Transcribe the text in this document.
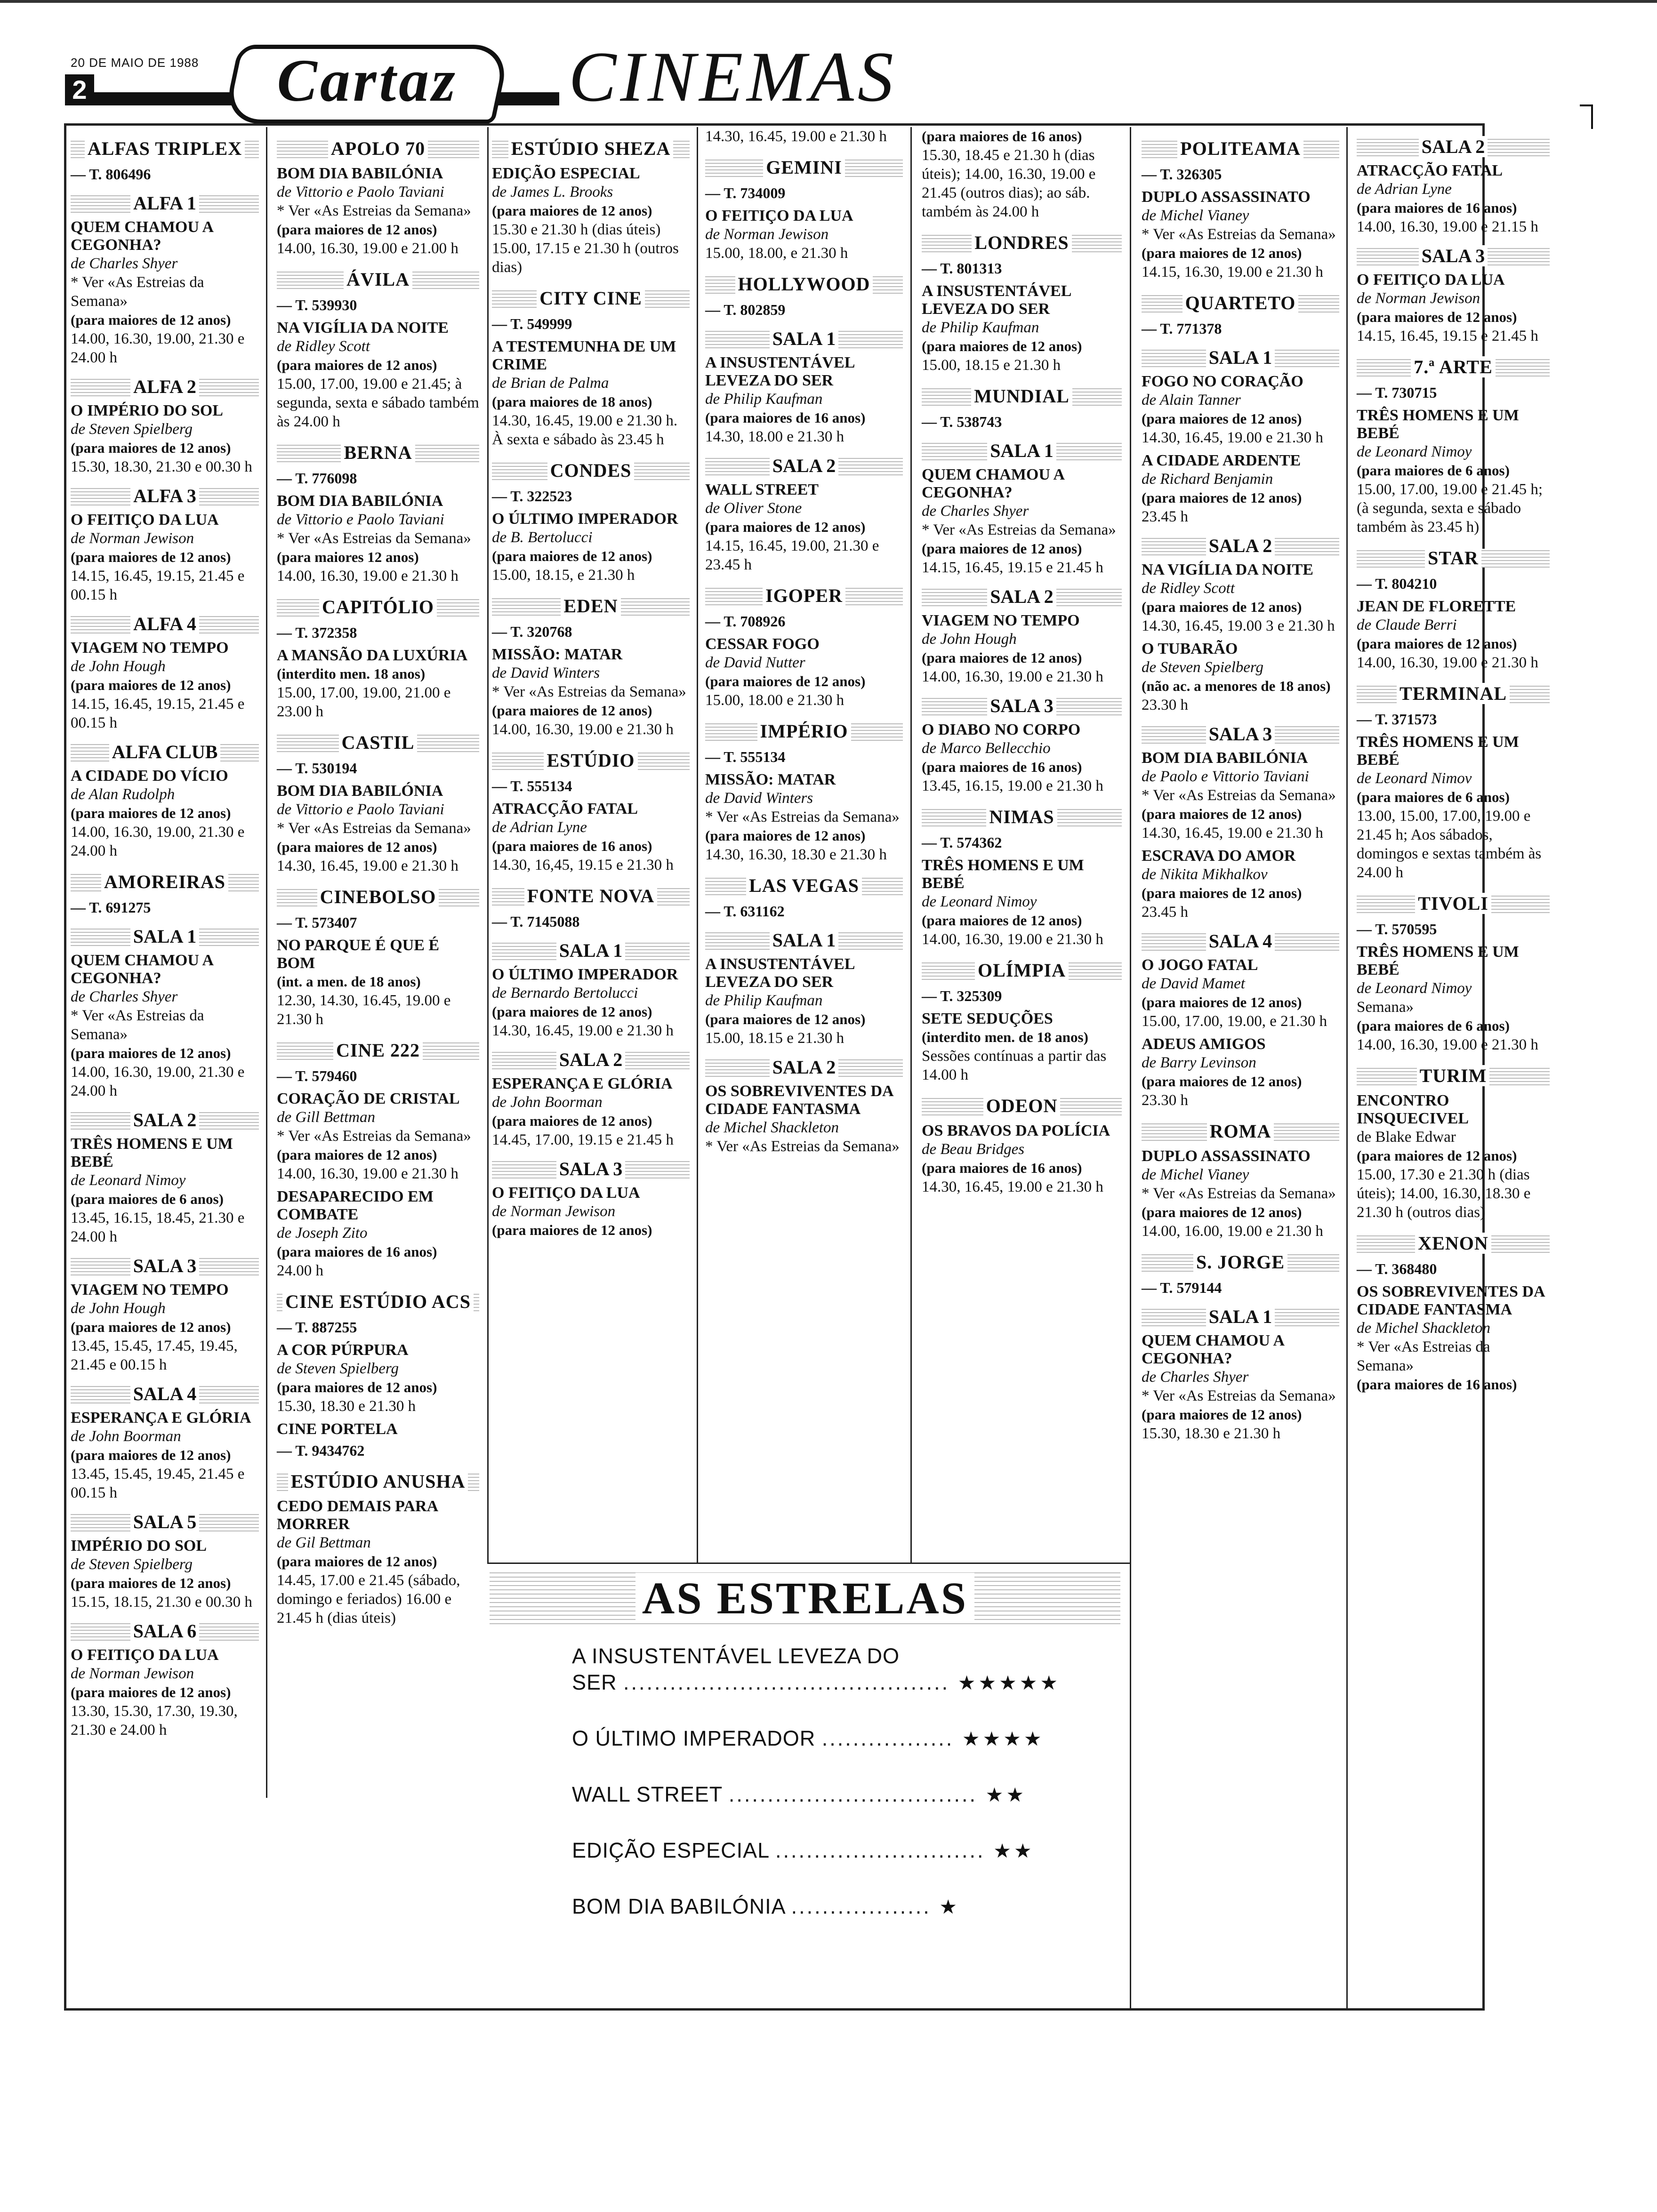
20 DE MAIO DE 1988
2	Cartaz	CINEMAS
ALFAS TRIPLEX
— T. 806496
ALFA 1
QUEM CHAMOU A CEGONHA?
de Charles Shyer
* Ver «As Estreias da Semana»
(para maiores de 12 anos)
14.00, 16.30, 19.00, 21.30 e 24.00 h
ALFA 2
O IMPÉRIO DO SOL
de Steven Spielberg
(para maiores de 12 anos)
15.30, 18.30, 21.30 e 00.30 h
ALFA 3
O FEITIÇO DA LUA
de Norman Jewison
(para maiores de 12 anos)
14.15, 16.45, 19.15, 21.45 e 00.15 h
ALFA 4
VIAGEM NO TEMPO
de John Hough
(para maiores de 12 anos)
14.15, 16.45, 19.15, 21.45 e 00.15 h
ALFA CLUB
A CIDADE DO VÍCIO
de Alan Rudolph
(para maiores de 12 anos)
14.00, 16.30, 19.00, 21.30 e 24.00 h
AMOREIRAS
— T. 691275
SALA 1
QUEM CHAMOU A CEGONHA?
de Charles Shyer
* Ver «As Estreias da Semana»
(para maiores de 12 anos)
14.00, 16.30, 19.00, 21.30 e 24.00 h
SALA 2
TRÊS HOMENS E UM BEBÉ
de Leonard Nimoy
(para maiores de 6 anos)
13.45, 16.15, 18.45, 21.30 e 24.00 h
SALA 3
VIAGEM NO TEMPO
de John Hough
(para maiores de 12 anos)
13.45, 15.45, 17.45, 19.45, 21.45 e 00.15 h
SALA 4
ESPERANÇA E GLÓRIA
de John Boorman
(para maiores de 12 anos)
13.45, 15.45, 19.45, 21.45 e 00.15 h
SALA 5
IMPÉRIO DO SOL
de Steven Spielberg
(para maiores de 12 anos)
15.15, 18.15, 21.30 e 00.30 h
SALA 6
O FEITIÇO DA LUA
de Norman Jewison
(para maiores de 12 anos)
13.30, 15.30, 17.30, 19.30, 21.30 e 24.00 h
APOLO 70
BOM DIA BABILÓNIA
de Vittorio e Paolo Taviani
* Ver «As Estreias da Semana»
(para maiores de 12 anos)
14.00, 16.30, 19.00 e 21.00 h
ÁVILA
— T. 539930
NA VIGÍLIA DA NOITE
de Ridley Scott
(para maiores de 12 anos)
15.00, 17.00, 19.00 e 21.45; à segunda, sexta e sábado também às 24.00 h
BERNA
— T. 776098
BOM DIA BABILÓNIA
de Vittorio e Paolo Taviani
* Ver «As Estreias da Semana»
(para maiores 12 anos)
14.00, 16.30, 19.00 e 21.30 h
CAPITÓLIO
— T. 372358
A MANSÃO DA LUXÚRIA
(interdito men. 18 anos)
15.00, 17.00, 19.00, 21.00 e 23.00 h
CASTIL
— T. 530194
BOM DIA BABILÓNIA
de Vittorio e Paolo Taviani
* Ver «As Estreias da Semana»
(para maiores de 12 anos)
14.30, 16.45, 19.00 e 21.30 h
CINEBOLSO
— T. 573407
NO PARQUE É QUE É BOM
(int. a men. de 18 anos)
12.30, 14.30, 16.45, 19.00 e 21.30 h
CINE 222
— T. 579460
CORAÇÃO DE CRISTAL
de Gill Bettman
* Ver «As Estreias da Semana»
(para maiores de 12 anos)
14.00, 16.30, 19.00 e 21.30 h
DESAPARECIDO EM COMBATE
de Joseph Zito
(para maiores de 16 anos)
24.00 h
CINE ESTÚDIO ACS
— T. 887255
A COR PÚRPURA
de Steven Spielberg
(para maiores de 12 anos)
15.30, 18.30 e 21.30 h
CINE PORTELA
— T. 9434762
ESTÚDIO ANUSHA
CEDO DEMAIS PARA MORRER
de Gil Bettman
(para maiores de 12 anos)
14.45, 17.00 e 21.45 (sábado, domingo e feriados) 16.00 e 21.45 h (dias úteis)
ESTÚDIO SHEZA
EDIÇÃO ESPECIAL
de James L. Brooks
(para maiores de 12 anos)
15.30 e 21.30 h (dias úteis) 15.00, 17.15 e 21.30 h (outros dias)
CITY CINE
— T. 549999
A TESTEMUNHA DE UM CRIME
de Brian de Palma
(para maiores de 18 anos)
14.30, 16.45, 19.00 e 21.30 h. À sexta e sábado às 23.45 h
CONDES
— T. 322523
O ÚLTIMO IMPERADOR
de B. Bertolucci
(para maiores de 12 anos)
15.00, 18.15, e 21.30 h
EDEN
— T. 320768
MISSÃO: MATAR
de David Winters
* Ver «As Estreias da Semana»
(para maiores de 12 anos)
14.00, 16.30, 19.00 e 21.30 h
ESTÚDIO
— T. 555134
ATRACÇÃO FATAL
de Adrian Lyne
(para maiores de 16 anos)
14.30, 16,45, 19.15 e 21.30 h
FONTE NOVA
— T. 7145088
SALA 1
O ÚLTIMO IMPERADOR
de Bernardo Bertolucci
(para maiores de 12 anos)
14.30, 16.45, 19.00 e 21.30 h
SALA 2
ESPERANÇA E GLÓRIA
de John Boorman
(para maiores de 12 anos)
14.45, 17.00, 19.15 e 21.45 h
SALA 3
O FEITIÇO DA LUA
de Norman Jewison
(para maiores de 12 anos)
14.30, 16.45, 19.00 e 21.30 h
GEMINI
— T. 734009
O FEITIÇO DA LUA
de Norman Jewison
15.00, 18.00, e 21.30 h
HOLLYWOOD
— T. 802859
SALA 1
A INSUSTENTÁVEL LEVEZA DO SER
de Philip Kaufman
(para maiores de 16 anos)
14.30, 18.00 e 21.30 h
SALA 2
WALL STREET
de Oliver Stone
(para maiores de 12 anos)
14.15, 16.45, 19.00, 21.30 e 23.45 h
IGOPER
— T. 708926
CESSAR FOGO
de David Nutter
(para maiores de 12 anos)
15.00, 18.00 e 21.30 h
IMPÉRIO
— T. 555134
MISSÃO: MATAR
de David Winters
* Ver «As Estreias da Semana»
(para maiores de 12 anos)
14.30, 16.30, 18.30 e 21.30 h
LAS VEGAS
— T. 631162
SALA 1
A INSUSTENTÁVEL LEVEZA DO SER
de Philip Kaufman
(para maiores de 12 anos)
15.00, 18.15 e 21.30 h
SALA 2
OS SOBREVIVENTES DA CIDADE FANTASMA
de Michel Shackleton
* Ver «As Estreias da Semana»
(para maiores de 16 anos)
15.30, 18.45 e 21.30 h (dias úteis); 14.00, 16.30, 19.00 e 21.45 (outros dias); ao sáb. também às 24.00 h
LONDRES
— T. 801313
A INSUSTENTÁVEL LEVEZA DO SER
de Philip Kaufman
(para maiores de 12 anos)
15.00, 18.15 e 21.30 h
MUNDIAL
— T. 538743
SALA 1
QUEM CHAMOU A CEGONHA?
de Charles Shyer
* Ver «As Estreias da Semana»
(para maiores de 12 anos)
14.15, 16.45, 19.15 e 21.45 h
SALA 2
VIAGEM NO TEMPO
de John Hough
(para maiores de 12 anos)
14.00, 16.30, 19.00 e 21.30 h
SALA 3
O DIABO NO CORPO
de Marco Bellecchio
(para maiores de 16 anos)
13.45, 16.15, 19.00 e 21.30 h
NIMAS
— T. 574362
TRÊS HOMENS E UM BEBÉ
de Leonard Nimoy
(para maiores de 12 anos)
14.00, 16.30, 19.00 e 21.30 h
OLÍMPIA
— T. 325309
SETE SEDUÇÕES
(interdito men. de 18 anos)
Sessões contínuas a partir das 14.00 h
ODEON
OS BRAVOS DA POLÍCIA
de Beau Bridges
(para maiores de 16 anos)
14.30, 16.45, 19.00 e 21.30 h
POLITEAMA
— T. 326305
DUPLO ASSASSINATO
de Michel Vianey
* Ver «As Estreias da Semana»
(para maiores de 12 anos)
14.15, 16.30, 19.00 e 21.30 h
QUARTETO
— T. 771378
SALA 1
FOGO NO CORAÇÃO
de Alain Tanner
(para maiores de 12 anos)
14.30, 16.45, 19.00 e 21.30 h
A CIDADE ARDENTE
de Richard Benjamin
(para maiores de 12 anos)
23.45 h
SALA 2
NA VIGÍLIA DA NOITE
de Ridley Scott
(para maiores de 12 anos)
14.30, 16.45, 19.00 3 e 21.30 h
O TUBARÃO
de Steven Spielberg
(não ac. a menores de 18 anos)
23.30 h
SALA 3
BOM DIA BABILÓNIA
de Paolo e Vittorio Taviani
* Ver «As Estreias da Semana»
(para maiores de 12 anos)
14.30, 16.45, 19.00 e 21.30 h
ESCRAVA DO AMOR
de Nikita Mikhalkov
(para maiores de 12 anos)
23.45 h
SALA 4
O JOGO FATAL
de David Mamet
(para maiores de 12 anos)
15.00, 17.00, 19.00, e 21.30 h
ADEUS AMIGOS
de Barry Levinson
(para maiores de 12 anos)
23.30 h
ROMA
DUPLO ASSASSINATO
de Michel Vianey
* Ver «As Estreias da Semana»
(para maiores de 12 anos)
14.00, 16.00, 19.00 e 21.30 h
S. JORGE
— T. 579144
SALA 1
QUEM CHAMOU A CEGONHA?
de Charles Shyer
* Ver «As Estreias da Semana»
(para maiores de 12 anos)
15.30, 18.30 e 21.30 h
SALA 2
ATRACÇÃO FATAL
de Adrian Lyne
(para maiores de 16 anos)
14.00, 16.30, 19.00 e 21.15 h
SALA 3
O FEITIÇO DA LUA
de Norman Jewison
(para maiores de 12 anos)
14.15, 16.45, 19.15 e 21.45 h
7.ª ARTE
— T. 730715
TRÊS HOMENS E UM BEBÉ
de Leonard Nimoy
(para maiores de 6 anos)
15.00, 17.00, 19.00 e 21.45 h; (à segunda, sexta e sábado também às 23.45 h)
STAR
— T. 804210
JEAN DE FLORETTE
de Claude Berri
(para maiores de 12 anos)
14.00, 16.30, 19.00 e 21.30 h
TERMINAL
— T. 371573
TRÊS HOMENS E UM BEBÉ
de Leonard Nimov
(para maiores de 6 anos)
13.00, 15.00, 17.00, 19.00 e 21.45 h; Aos sábados, domingos e sextas também às 24.00 h
TIVOLI
— T. 570595
TRÊS HOMENS E UM BEBÉ
de Leonard Nimoy
Semana»
(para maiores de 6 anos)
14.00, 16.30, 19.00 e 21.30 h
TURIM
ENCONTRO INSQUECIVEL
de Blake Edwar
(para maiores de 12 anos)
15.00, 17.30 e 21.30 h (dias úteis); 14.00, 16.30, 18.30 e 21.30 h (outros dias)
XENON
— T. 368480
OS SOBREVIVENTES DA CIDADE FANTASMA
de Michel Shackleton
* Ver «As Estreias da Semana»
(para maiores de 16 anos)
AS ESTRELAS
A INSUSTENTÁVEL LEVEZA DO
SER .......................................... ★★★★★
O ÚLTIMO IMPERADOR ................. ★★★★
WALL STREET ................................ ★★
EDIÇÃO ESPECIAL ........................... ★★
BOM DIA BABILÓNIA .................. ★
